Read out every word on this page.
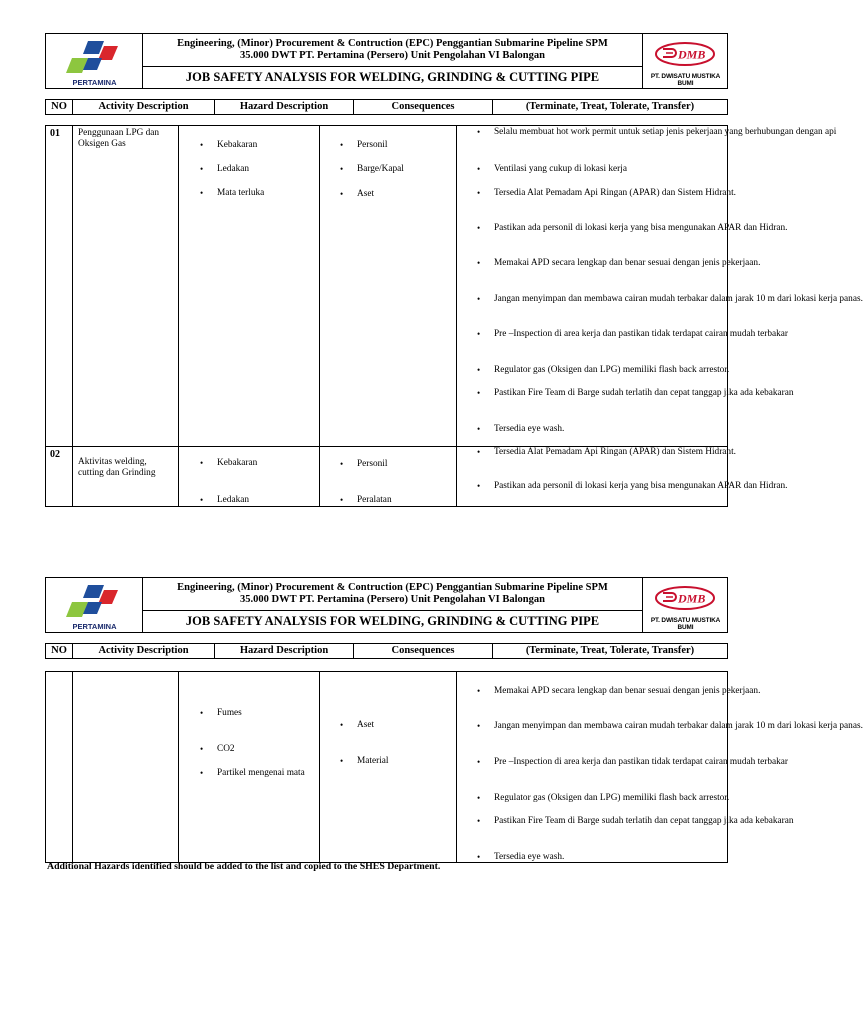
PERTAMINA
Engineering, (Minor) Procurement & Contruction (EPC) Penggantian Submarine Pipeline SPM
35.000 DWT PT. Pertamina (Persero) Unit Pengolahan VI Balongan
JOB SAFETY ANALYSIS FOR WELDING, GRINDING & CUTTING PIPE
DMB
PT. DWISATU MUSTIKA BUMI
NO	Activity Description	Hazard Description	Consequences	(Terminate, Treat, Tolerate, Transfer)
01	Penggunaan LPG dan Oksigen Gas
•	Kebakaran
• Ledakan
• Mata terluka
• Personil
• Barge/Kapal
• Aset
• Selalu membuat hot work permit untuk setiap jenis pekerjaan yang berhubungan dengan api
• Ventilasi yang cukup di lokasi kerja
• Tersedia Alat Pemadam Api Ringan (APAR) dan Sistem Hidrant.
• Pastikan ada personil di lokasi kerja yang bisa mengunakan APAR dan Hidran.
• Memakai APD secara lengkap dan benar sesuai dengan jenis pekerjaan.
• Jangan menyimpan dan membawa cairan mudah terbakar dalam jarak 10 m dari lokasi kerja panas.
• Pre –Inspection di area kerja dan pastikan tidak terdapat cairan mudah terbakar
• Regulator gas (Oksigen dan LPG) memiliki flash back arrestor.
• Pastikan Fire Team di Barge sudah terlatih dan cepat tanggap jika ada kebakaran
• Tersedia eye wash.
02
Aktivitas welding, cutting dan Grinding
• Kebakaran
• Ledakan
• Personil
• Peralatan
• Tersedia Alat Pemadam Api Ringan (APAR) dan Sistem Hidrant.
• Pastikan ada personil di lokasi kerja yang bisa mengunakan APAR dan Hidran.
PERTAMINA
Engineering, (Minor) Procurement & Contruction (EPC) Penggantian Submarine Pipeline SPM
35.000 DWT PT. Pertamina (Persero) Unit Pengolahan VI Balongan
JOB SAFETY ANALYSIS FOR WELDING, GRINDING & CUTTING PIPE
DMB
PT. DWISATU MUSTIKA BUMI
NO	Activity Description	Hazard Description	Consequences	(Terminate, Treat, Tolerate, Transfer)
• Fumes
• CO2
• Partikel mengenai mata
• Aset
• Material
• Memakai APD secara lengkap dan benar sesuai dengan jenis pekerjaan.
• Jangan menyimpan dan membawa cairan mudah terbakar dalam jarak 10 m dari lokasi kerja panas.
• Pre –Inspection di area kerja dan pastikan tidak terdapat cairan mudah terbakar
• Regulator gas (Oksigen dan LPG) memiliki flash back arrestor.
• Pastikan Fire Team di Barge sudah terlatih dan cepat tanggap jika ada kebakaran
• Tersedia eye wash.
Additional Hazards identified should be added to the list and copied to the SHES Department.
